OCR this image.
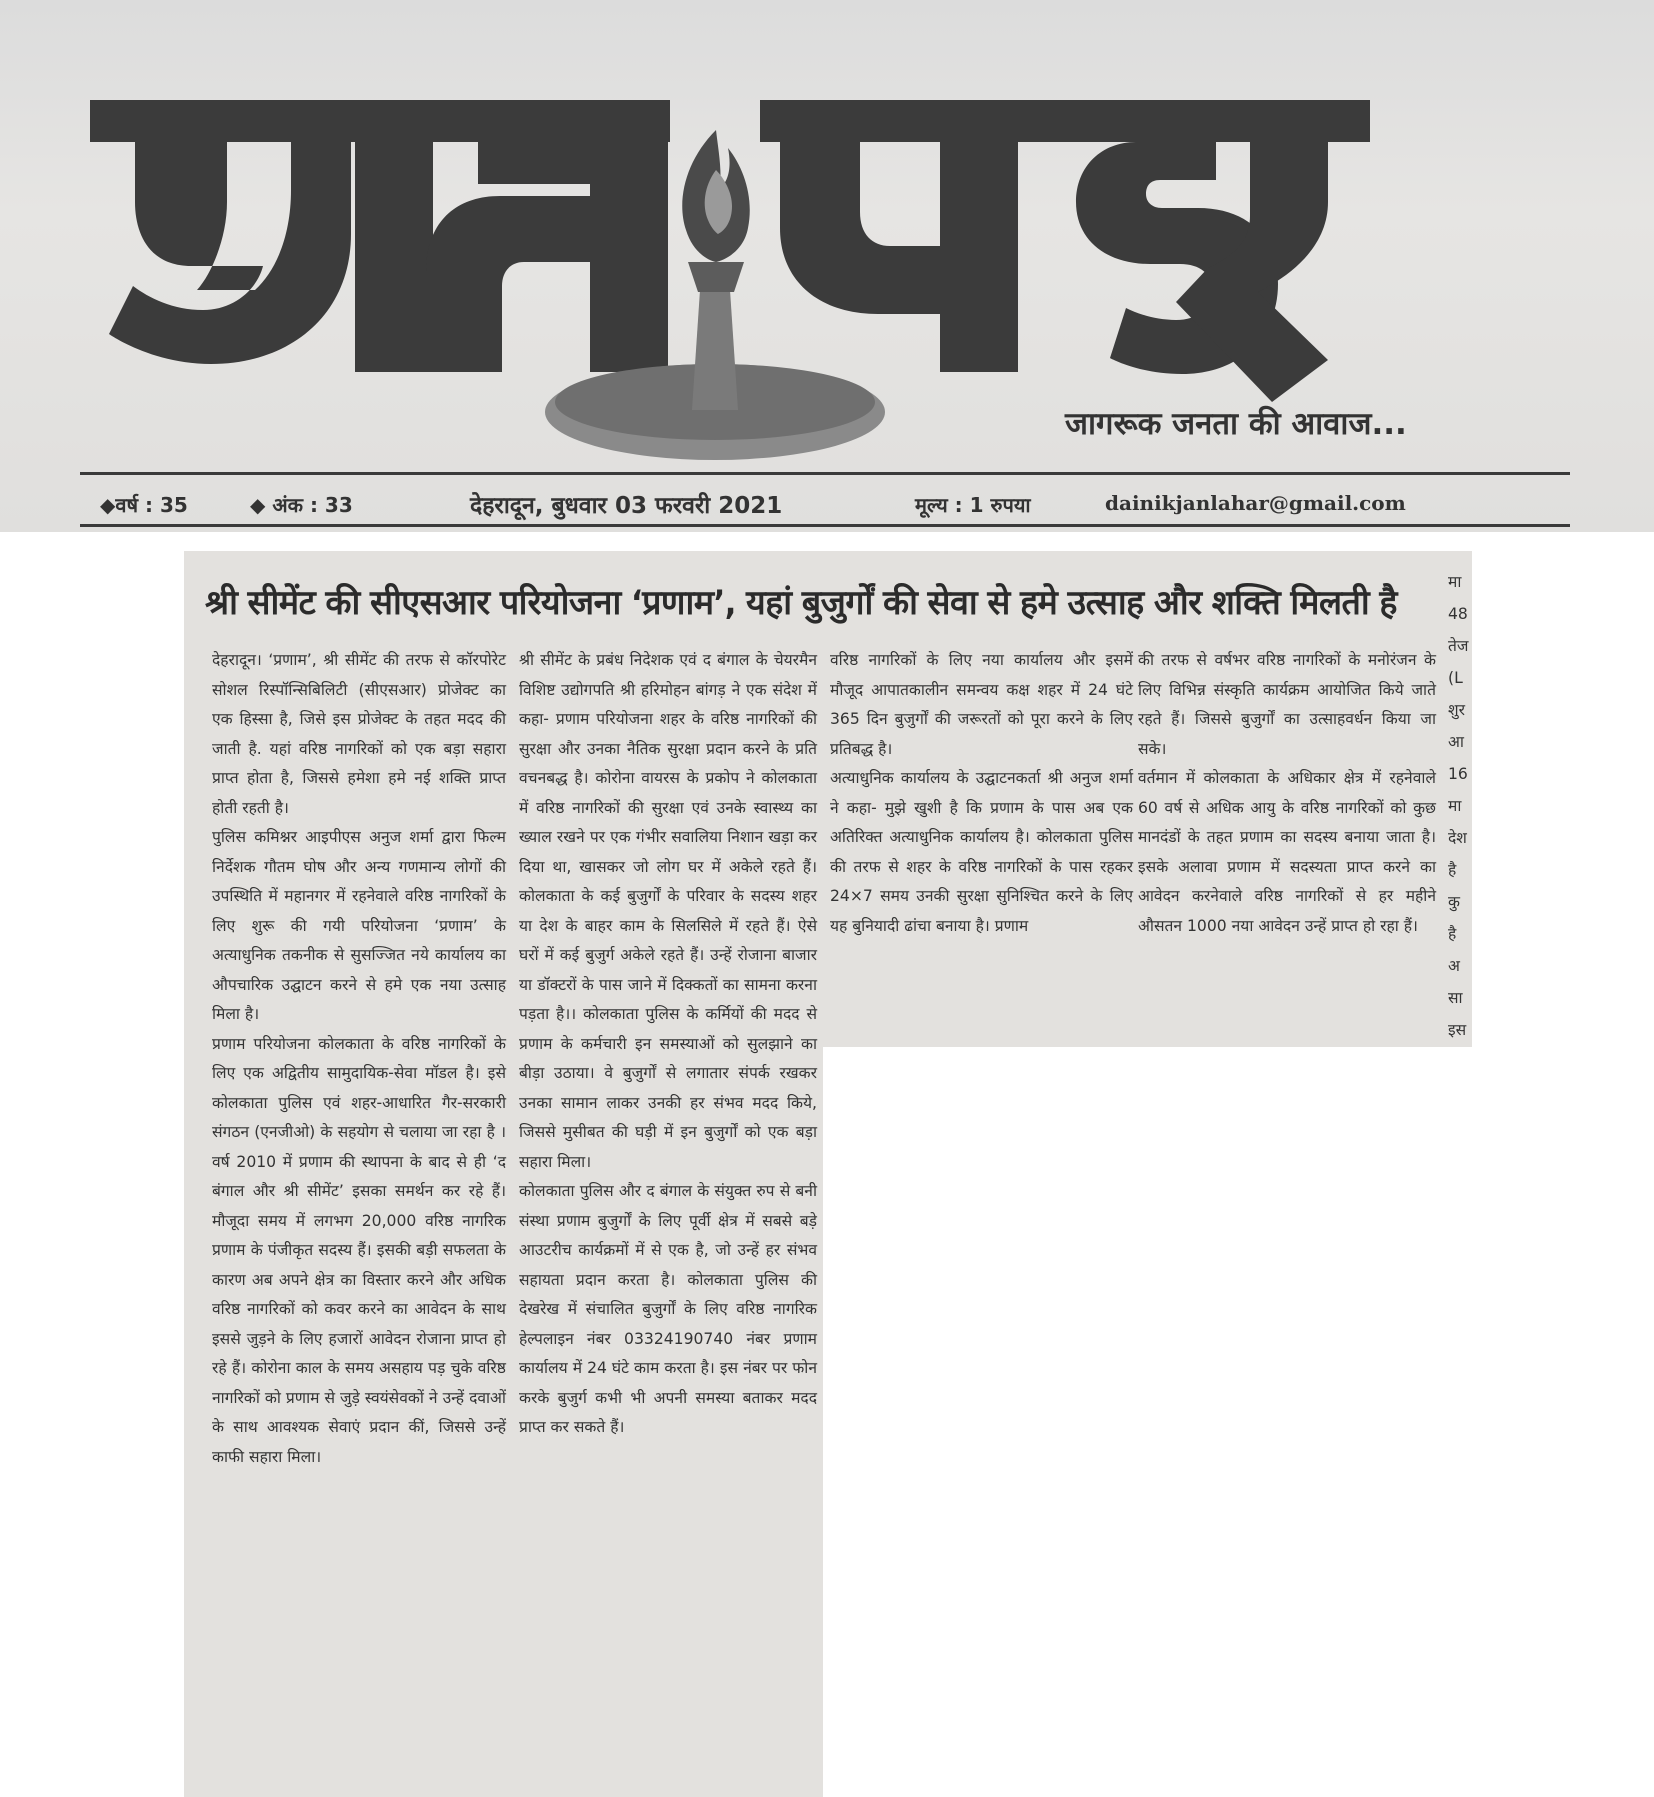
जागरूक जनता की आवाज...
◆वर्ष : 35	◆ अंक : 33	देहरादून, बुधवार 03 फरवरी 2021	मूल्य : 1 रुपया	dainikjanlahar@gmail.com
श्री सीमेंट की सीएसआर परियोजना ‘प्रणाम’, यहां बुजुर्गों की सेवा से हमे उत्साह और शक्ति मिलती है

देहरादून। ‘प्रणाम’, श्री सीमेंट की तरफ से कॉरपोरेट सोशल रिस्पॉन्सिबिलिटी (सीएसआर) प्रोजेक्ट का एक हिस्सा है, जिसे इस प्रोजेक्ट के तहत मदद की जाती है. यहां वरिष्ठ नागरिकों को एक बड़ा सहारा प्राप्त होता है, जिससे हमेशा हमे नई शक्ति प्राप्त होती रहती है।

पुलिस कमिश्नर आइपीएस अनुज शर्मा द्वारा फिल्म निर्देशक गौतम घोष और अन्य गणमान्य लोगों की उपस्थिति में महानगर में रहनेवाले वरिष्ठ नागरिकों के लिए शुरू की गयी परियोजना ‘प्रणाम’ के अत्याधुनिक तकनीक से सुसज्जित नये कार्यालय का औपचारिक उद्घाटन करने से हमे एक नया उत्साह मिला है।

प्रणाम परियोजना कोलकाता के वरिष्ठ नागरिकों के लिए एक अद्वितीय सामुदायिक-सेवा मॉडल है। इसे कोलकाता पुलिस एवं शहर-आधारित गैर-सरकारी संगठन (एनजीओ) के सहयोग से चलाया जा रहा है । वर्ष 2010 में प्रणाम की स्थापना के बाद से ही ‘द बंगाल और श्री सीमेंट’ इसका समर्थन कर रहे हैं। मौजूदा समय में लगभग 20,000 वरिष्ठ नागरिक प्रणाम के पंजीकृत सदस्य हैं। इसकी बड़ी सफलता के कारण अब अपने क्षेत्र का विस्तार करने और अधिक वरिष्ठ नागरिकों को कवर करने का आवेदन के साथ इससे जुड़ने के लिए हजारों आवेदन रोजाना प्राप्त हो रहे हैं। कोरोना काल के समय असहाय पड़ चुके वरिष्ठ नागरिकों को प्रणाम से जुड़े स्वयंसेवकों ने उन्हें दवाओं के साथ आवश्यक सेवाएं प्रदान कीं, जिससे उन्हें काफी सहारा मिला।

श्री सीमेंट के प्रबंध निदेशक एवं द बंगाल के चेयरमैन विशिष्ट उद्योगपति श्री हरिमोहन बांगड़ ने एक संदेश में कहा- प्रणाम परियोजना शहर के वरिष्ठ नागरिकों की सुरक्षा और उनका नैतिक सुरक्षा प्रदान करने के प्रति वचनबद्ध है। कोरोना वायरस के प्रकोप ने कोलकाता में वरिष्ठ नागरिकों की सुरक्षा एवं उनके स्वास्थ्य का ख्याल रखने पर एक गंभीर सवालिया निशान खड़ा कर दिया था, खासकर जो लोग घर में अकेले रहते हैं। कोलकाता के कई बुजुर्गों के परिवार के सदस्य शहर या देश के बाहर काम के सिलसिले में रहते हैं। ऐसे घरों में कई बुजुर्ग अकेले रहते हैं। उन्हें रोजाना बाजार या डॉक्टरों के पास जाने में दिक्कतों का सामना करना पड़ता है।। कोलकाता पुलिस के कर्मियों की मदद से प्रणाम के कर्मचारी इन समस्याओं को सुलझाने का बीड़ा उठाया। वे बुजुर्गों से लगातार संपर्क रखकर उनका सामान लाकर उनकी हर संभव मदद किये, जिससे मुसीबत की घड़ी में इन बुजुर्गों को एक बड़ा सहारा मिला।

कोलकाता पुलिस और द बंगाल के संयुक्त रुप से बनी संस्था प्रणाम बुजुर्गों के लिए पूर्वी क्षेत्र में सबसे बड़े आउटरीच कार्यक्रमों में से एक है, जो उन्हें हर संभव सहायता प्रदान करता है। कोलकाता पुलिस की देखरेख में संचालित बुजुर्गों के लिए वरिष्ठ नागरिक हेल्पलाइन नंबर 03324190740 नंबर प्रणाम कार्यालय में 24 घंटे काम करता है। इस नंबर पर फोन करके बुजुर्ग कभी भी अपनी समस्या बताकर मदद प्राप्त कर सकते हैं।

वरिष्ठ नागरिकों के लिए नया कार्यालय और इसमें मौजूद आपातकालीन समन्वय कक्ष शहर में 24 घंटे 365 दिन बुजुर्गों की जरूरतों को पूरा करने के लिए प्रतिबद्ध है।

अत्याधुनिक कार्यालय के उद्घाटनकर्ता श्री अनुज शर्मा ने कहा- मुझे खुशी है कि प्रणाम के पास अब एक अतिरिक्त अत्याधुनिक कार्यालय है। कोलकाता पुलिस की तरफ से शहर के वरिष्ठ नागरिकों के पास रहकर 24×7 समय उनकी सुरक्षा सुनिश्चित करने के लिए यह बुनियादी ढांचा बनाया है। प्रणाम

की तरफ से वर्षभर वरिष्ठ नागरिकों के मनोरंजन के लिए विभिन्न संस्कृति कार्यक्रम आयोजित किये जाते रहते हैं। जिससे बुजुर्गों का उत्साहवर्धन किया जा सके।

वर्तमान में कोलकाता के अधिकार क्षेत्र में रहनेवाले 60 वर्ष से अधिक आयु के वरिष्ठ नागरिकों को कुछ मानदंडों के तहत प्रणाम का सदस्य बनाया जाता है। इसके अलावा प्रणाम में सदस्यता प्राप्त करने का आवेदन करनेवाले वरिष्ठ नागरिकों से हर महीने औसतन 1000 नया आवेदन उन्हें प्राप्त हो रहा हैं।

मा
48
तेज
(L
शुर
आ
16
मा
देश
है
कु
है
अ
सा
इस
